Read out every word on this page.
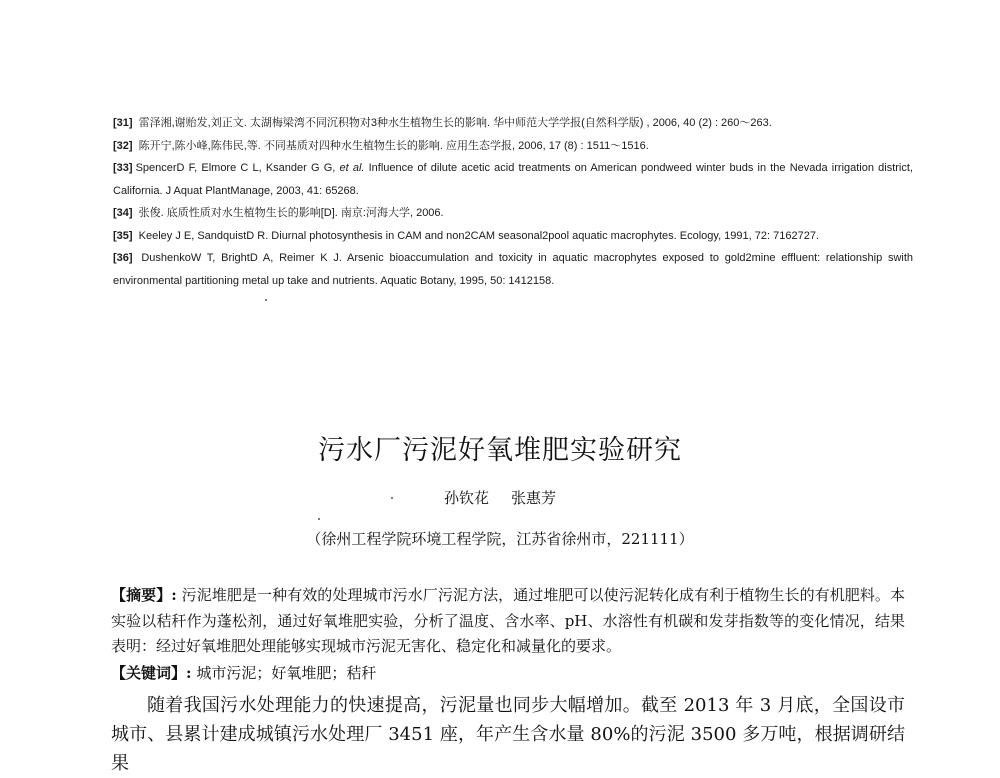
[31] 雷泽湘,谢贻发,刘正文. 太湖梅梁湾不同沉积物对3种水生植物生长的影响. 华中师范大学学报(自然科学版) , 2006, 40 (2) : 260～263.

[32] 陈开宁,陈小峰,陈伟民,等. 不同基质对四种水生植物生长的影响. 应用生态学报, 2006, 17 (8) : 1511～1516.

[33] SpencerD F, Elmore C L, Ksander G G, et al. Influence of dilute acetic acid treatments on American pondweed winter buds in the Nevada irrigation district, California. J Aquat PlantManage, 2003, 41: 65268.

[34] 张俊. 底质性质对水生植物生长的影响[D]. 南京:河海大学, 2006.

[35] Keeley J E, SandquistD R. Diurnal photosynthesis in CAM and non2CAM seasonal2pool aquatic macrophytes. Ecology, 1991, 72: 7162727.

[36] DushenkoW T, BrightD A, Reimer K J. Arsenic bioaccumulation and toxicity in aquatic macrophytes exposed to gold2mine effluent: relationship swith environmental partitioning metal up take and nutrients. Aquatic Botany, 1995, 50: 1412158.

污水厂污泥好氧堆肥实验研究
孙钦花 张惠芳
（徐州工程学院环境工程学院，江苏省徐州市，221111）
【摘要】: 污泥堆肥是一种有效的处理城市污水厂污泥方法，通过堆肥可以使污泥转化成有利于植物生长的有机肥料。本实验以秸秆作为蓬松剂，通过好氧堆肥实验，分析了温度、含水率、pH、水溶性有机碳和发芽指数等的变化情况，结果表明：经过好氧堆肥处理能够实现城市污泥无害化、稳定化和减量化的要求。
【关键词】: 城市污泥；好氧堆肥；秸秆
随着我国污水处理能力的快速提高，污泥量也同步大幅增加。截至 2013 年 3 月底，全国设市城市、县累计建成城镇污水处理厂 3451 座，年产生含水量 80%的污泥 3500 多万吨，根据调研结果
